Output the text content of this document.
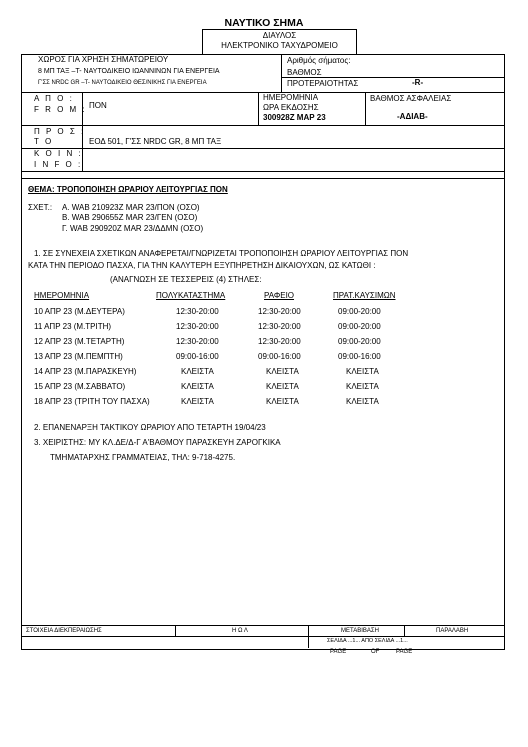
ΝΑΥΤΙΚΟ ΣΗΜΑ
ΔΙΑΥΛΟΣ
ΗΛΕΚΤΡΟΝΙΚΟ ΤΑΧΥΔΡΟΜΕΙΟ
ΧΩΡΟΣ ΓΙΑ ΧΡΗΣΗ ΣΗΜΑΤΩΡΕΙΟΥ
8 ΜΠ ΤΑΞ –T- ΝΑΥΤΟΔΙΚΕΙΟ ΙΩΑΝΝΙΝΩΝ ΓΙΑ ΕΝΕΡΓΕΙΑ
Γ'ΣΣ NRDC GR –T- ΝΑΥΤΟΔΙΚΕΙΟ ΘΕΣ/ΝΙΚΗΣ ΓΙΑ ΕΝΕΡΓΕΙΑ
Αριθμός σήματος:
ΒΑΘΜΟΣ
ΠΡΟΤΕΡΑΙΟΤΗΤΑΣ	-R-
Α Π Ο :
F R O M : ΠΟΝ
ΗΜΕΡΟΜΗΝΙΑ
ΩΡΑ ΕΚΔΟΣΗΣ
300928Z ΜΑΡ 23
ΒΑΘΜΟΣ ΑΣΦΑΛΕΙΑΣ
-ΑΔΙΑΒ-
Π Ρ Ο Σ :
T O	ΕΟΔ 501, Γ'ΣΣ NRDC GR, 8 ΜΠ ΤΑΞ
Κ Ο Ι Ν :
I N F O :
ΘΕΜΑ: ΤΡΟΠΟΠΟΙΗΣΗ ΩΡΑΡΙΟΥ ΛΕΙΤΟΥΡΓΙΑΣ ΠΟΝ
ΣΧΕΤ.: Α. WAB 210923Z MAR 23/ΠΟΝ (ΟΣΟ)
Β. WAB 290655Z MAR 23/ΓΕΝ (ΟΣΟ)
Γ. WAB 290920Z MAR 23/ΔΔΜΝ (ΟΣΟ)
1. ΣΕ ΣΥΝΕΧΕΙΑ ΣΧΕΤΙΚΩΝ ΑΝΑΦΕΡΕΤΑΙ/ΓΝΩΡΙΖΕΤΑΙ ΤΡΟΠΟΠΟΙΗΣΗ ΩΡΑΡΙΟΥ ΛΕΙΤΟΥΡΓΙΑΣ ΠΟΝ
ΚΑΤΑ ΤΗΝ ΠΕΡΙΟΔΟ ΠΑΣΧΑ, ΓΙΑ ΤΗΝ ΚΑΛΥΤΕΡΗ ΕΞΥΠΗΡΕΤΗΣΗ ΔΙΚΑΙΟΥΧΩΝ, ΩΣ ΚΑΤΩΘΙ :
(ΑΝΑΓΝΩΣΗ ΣΕ ΤΕΣΣΕΡΕΙΣ (4) ΣΤΗΛΕΣ:
ΗΜΕΡΟΜΗΝΙΑ	ΠΟΛΥΚΑΤΑΣΤΗΜΑ	ΡΑΦΕΙΟ	ΠΡΑΤ.ΚΑΥΣΙΜΩΝ
10 ΑΠΡ 23 (Μ.ΔΕΥΤΕΡΑ)	12:30-20:00	12:30-20:00	09:00-20:00
11 ΑΠΡ 23 (Μ.ΤΡΙΤΗ)	12:30-20:00	12:30-20:00	09:00-20:00
12 ΑΠΡ 23 (Μ.ΤΕΤΑΡΤΗ)	12:30-20:00	12:30-20:00	09:00-20:00
13 ΑΠΡ 23 (Μ.ΠΕΜΠΤΗ)	09:00-16:00	09:00-16:00	09:00-16:00
14 ΑΠΡ 23 (Μ.ΠΑΡΑΣΚΕΥΗ)	ΚΛΕΙΣΤΑ	ΚΛΕΙΣΤΑ	ΚΛΕΙΣΤΑ
15 ΑΠΡ 23 (Μ.ΣΑΒΒΑΤΟ)	ΚΛΕΙΣΤΑ	ΚΛΕΙΣΤΑ	ΚΛΕΙΣΤΑ
18 ΑΠΡ 23 (ΤΡΙΤΗ ΤΟΥ ΠΑΣΧΑ)	ΚΛΕΙΣΤΑ	ΚΛΕΙΣΤΑ	ΚΛΕΙΣΤΑ
2. ΕΠΑΝΕΝΑΡΞΗ ΤΑΚΤΙΚΟΥ ΩΡΑΡΙΟΥ ΑΠΟ ΤΕΤΑΡΤΗ 19/04/23
3. ΧΕΙΡΙΣΤΗΣ: ΜΥ ΚΛ.ΔΕ/Δ-Γ Α'ΒΑΘΜΟΥ ΠΑΡΑΣΚΕΥΗ ΖΑΡΟΓΚΙΚΑ
ΤΜΗΜΑΤΑΡΧΗΣ ΓΡΑΜΜΑΤΕΙΑΣ, ΤΗΛ: 9-718-4275.
ΣΤΟΙΧΕΙΑ ΔΙΕΚΠΕΡΑΙΩΣΗΣ	Η Ω Λ	ΜΕΤΑΒΙΒΑΣΗ	ΠΑΡΑΛΑΒΗ
ΣΕΛΙΔΑ ...1... ΑΠΟ ΣΕΛΙΔΑ ...1...
PAGE	OF	PAGE
